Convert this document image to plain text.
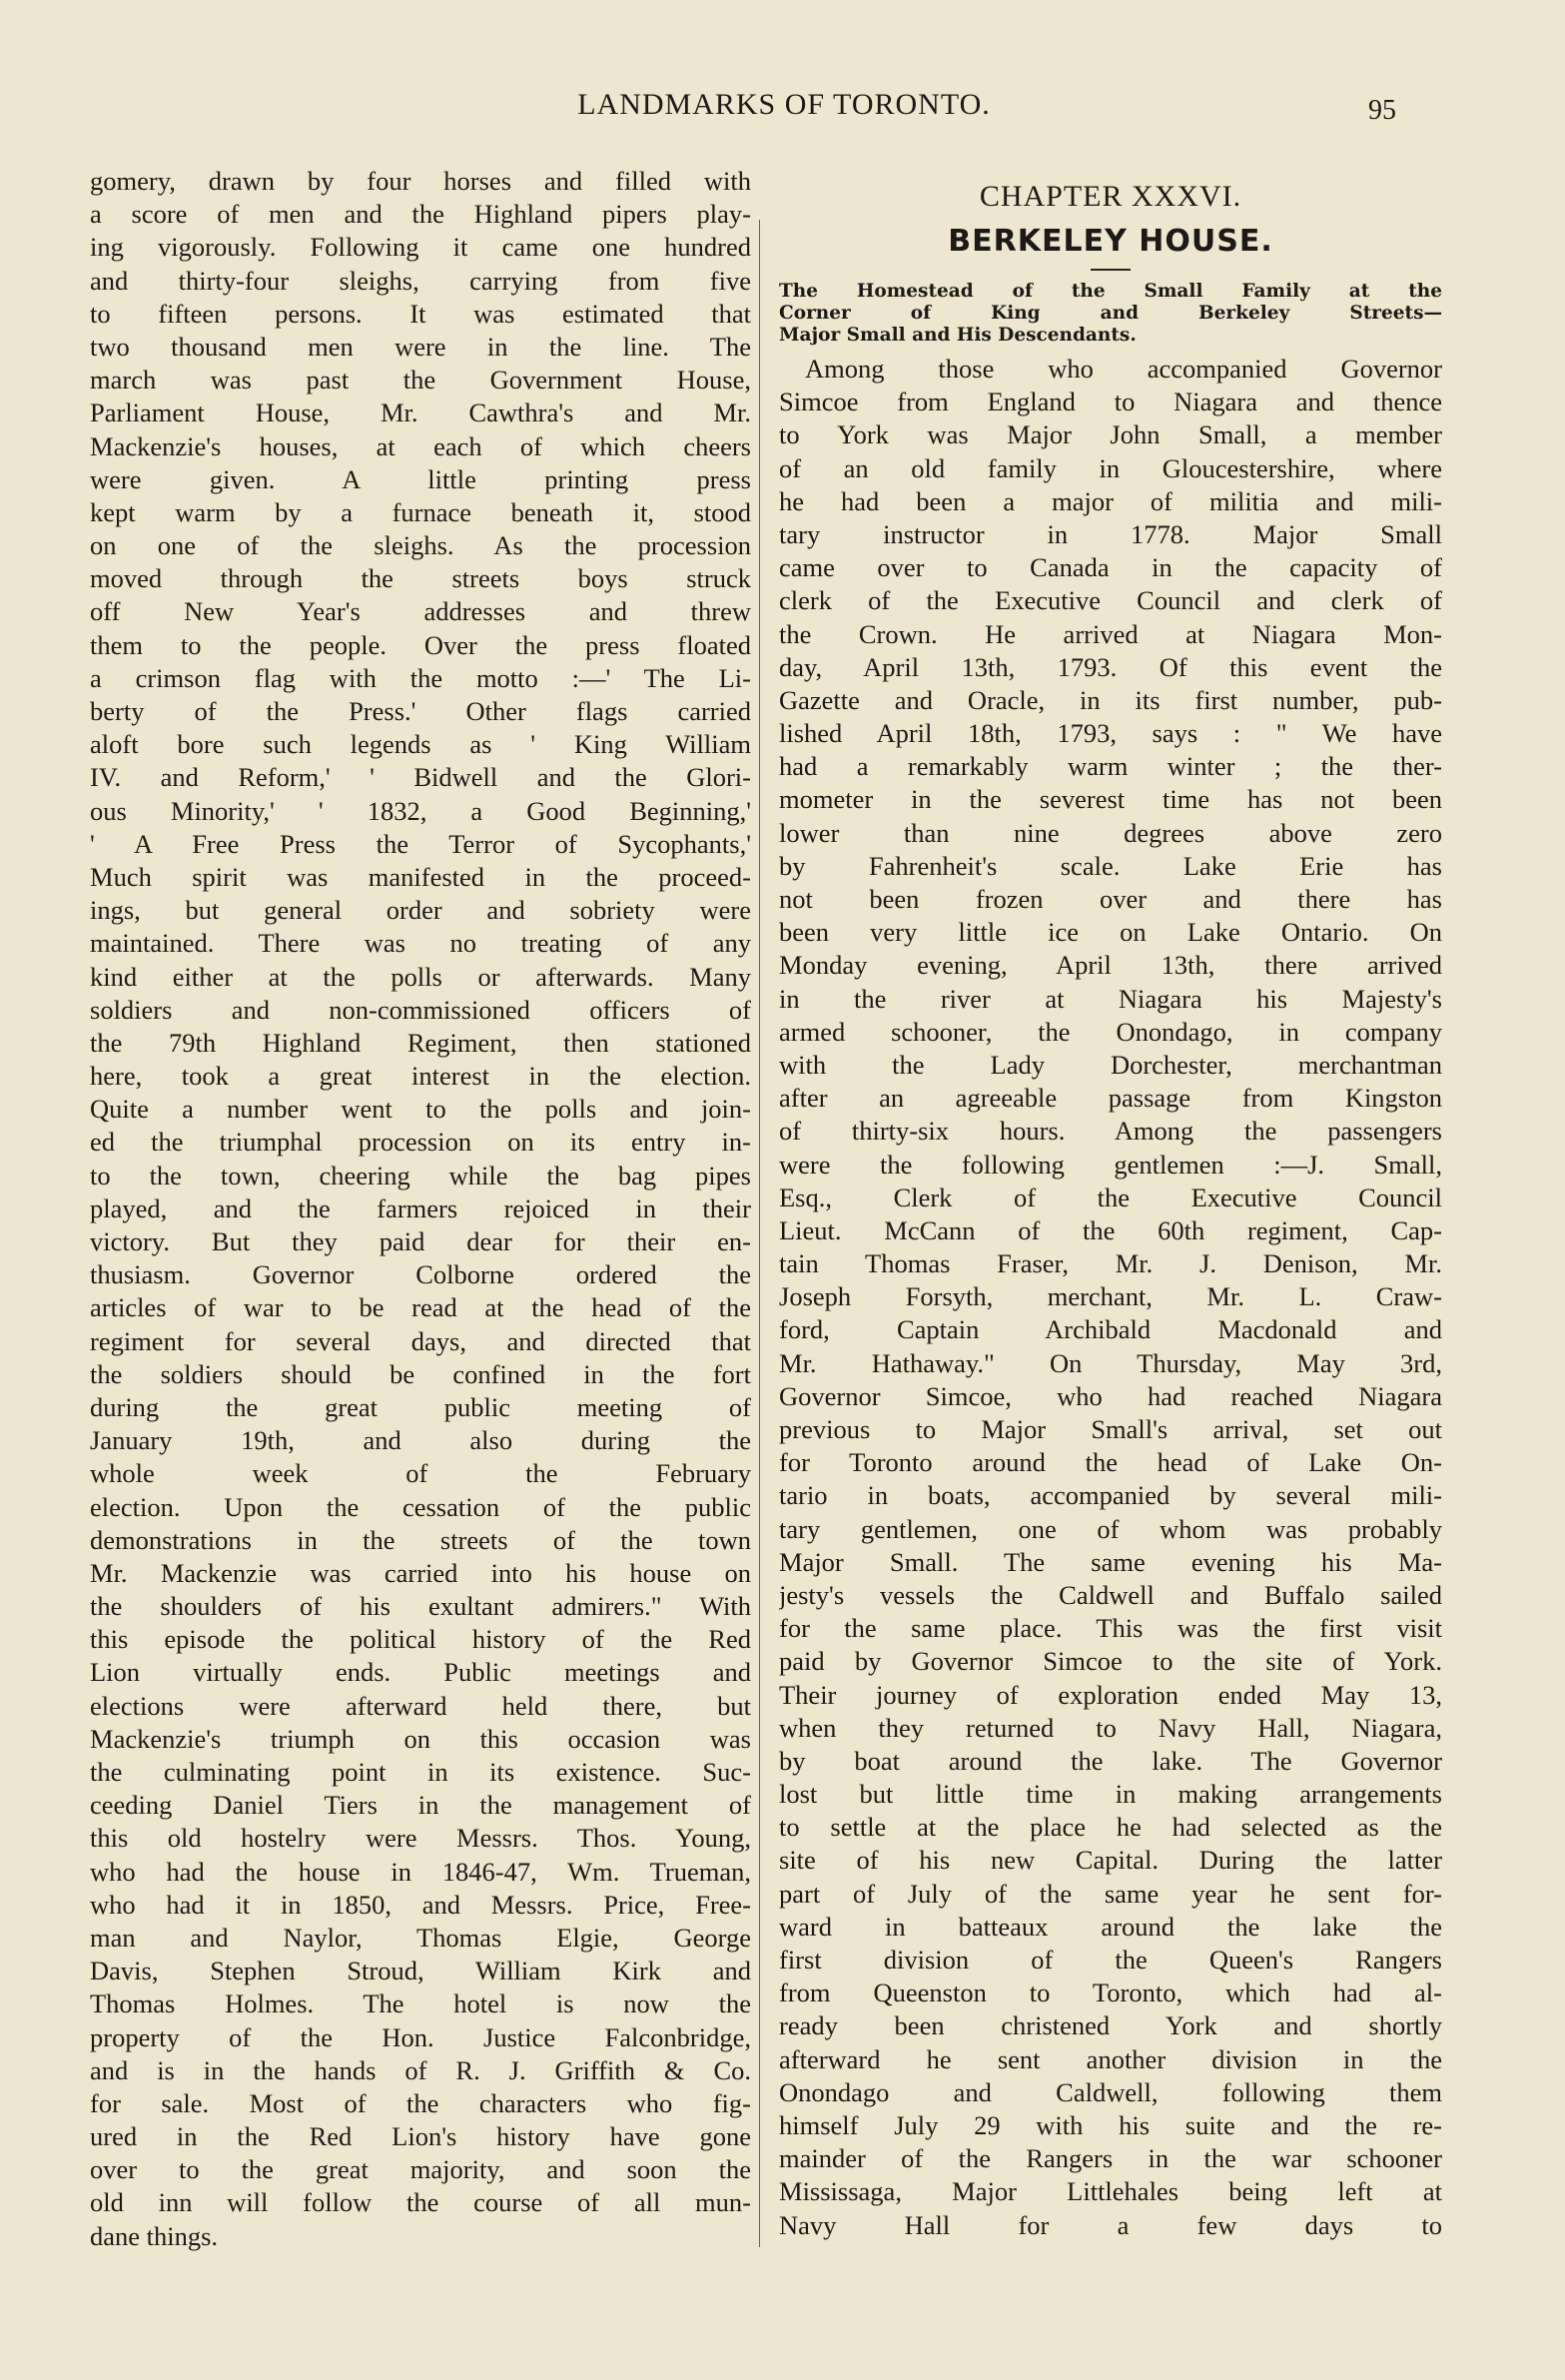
LANDMARKS OF TORONTO.	95
gomery, drawn by four horses and filled with
a score of men and the Highland pipers play-
ing vigorously. Following it came one hundred
and thirty-four sleighs, carrying from five
to fifteen persons. It was estimated that
two thousand men were in the line. The
march was past the Government House,
Parliament House, Mr. Cawthra's and Mr.
Mackenzie's houses, at each of which cheers
were given. A little printing press
kept warm by a furnace beneath it, stood
on one of the sleighs. As the procession
moved through the streets boys struck
off New Year's addresses and threw
them to the people. Over the press floated
a crimson flag with the motto :—' The Li-
berty of the Press.' Other flags carried
aloft bore such legends as ' King William
IV. and Reform,' ' Bidwell and the Glori-
ous Minority,' ' 1832, a Good Beginning,'
' A Free Press the Terror of Sycophants,'
Much spirit was manifested in the proceed-
ings, but general order and sobriety were
maintained. There was no treating of any
kind either at the polls or afterwards. Many
soldiers and non-commissioned officers of
the 79th Highland Regiment, then stationed
here, took a great interest in the election.
Quite a number went to the polls and join-
ed the triumphal procession on its entry in-
to the town, cheering while the bag pipes
played, and the farmers rejoiced in their
victory. But they paid dear for their en-
thusiasm. Governor Colborne ordered the
articles of war to be read at the head of the
regiment for several days, and directed that
the soldiers should be confined in the fort
during the great public meeting of
January 19th, and also during the
whole week of the February
election. Upon the cessation of the public
demonstrations in the streets of the town
Mr. Mackenzie was carried into his house on
the shoulders of his exultant admirers." With
this episode the political history of the Red
Lion virtually ends. Public meetings and
elections were afterward held there, but
Mackenzie's triumph on this occasion was
the culminating point in its existence. Suc-
ceeding Daniel Tiers in the management of
this old hostelry were Messrs. Thos. Young,
who had the house in 1846-47, Wm. Trueman,
who had it in 1850, and Messrs. Price, Free-
man and Naylor, Thomas Elgie, George
Davis, Stephen Stroud, William Kirk and
Thomas Holmes. The hotel is now the
property of the Hon. Justice Falconbridge,
and is in the hands of R. J. Griffith & Co.
for sale. Most of the characters who fig-
ured in the Red Lion's history have gone
over to the great majority, and soon the
old inn will follow the course of all mun-
dane things.
CHAPTER XXXVI.
BERKELEY HOUSE.
The Homestead of the Small Family at the
Corner of King and Berkeley Streets—
Major Small and His Descendants.
Among those who accompanied Governor
Simcoe from England to Niagara and thence
to York was Major John Small, a member
of an old family in Gloucestershire, where
he had been a major of militia and mili-
tary instructor in 1778. Major Small
came over to Canada in the capacity of
clerk of the Executive Council and clerk of
the Crown. He arrived at Niagara Mon-
day, April 13th, 1793. Of this event the
Gazette and Oracle, in its first number, pub-
lished April 18th, 1793, says : " We have
had a remarkably warm winter ; the ther-
mometer in the severest time has not been
lower than nine degrees above zero
by Fahrenheit's scale. Lake Erie has
not been frozen over and there has
been very little ice on Lake Ontario. On
Monday evening, April 13th, there arrived
in the river at Niagara his Majesty's
armed schooner, the Onondago, in company
with the Lady Dorchester, merchantman
after an agreeable passage from Kingston
of thirty-six hours. Among the passengers
were the following gentlemen :—J. Small,
Esq., Clerk of the Executive Council
Lieut. McCann of the 60th regiment, Cap-
tain Thomas Fraser, Mr. J. Denison, Mr.
Joseph Forsyth, merchant, Mr. L. Craw-
ford, Captain Archibald Macdonald and
Mr. Hathaway." On Thursday, May 3rd,
Governor Simcoe, who had reached Niagara
previous to Major Small's arrival, set out
for Toronto around the head of Lake On-
tario in boats, accompanied by several mili-
tary gentlemen, one of whom was probably
Major Small. The same evening his Ma-
jesty's vessels the Caldwell and Buffalo sailed
for the same place. This was the first visit
paid by Governor Simcoe to the site of York.
Their journey of exploration ended May 13,
when they returned to Navy Hall, Niagara,
by boat around the lake. The Governor
lost but little time in making arrangements
to settle at the place he had selected as the
site of his new Capital. During the latter
part of July of the same year he sent for-
ward in batteaux around the lake the
first division of the Queen's Rangers
from Queenston to Toronto, which had al-
ready been christened York and shortly
afterward he sent another division in the
Onondago and Caldwell, following them
himself July 29 with his suite and the re-
mainder of the Rangers in the war schooner
Mississaga, Major Littlehales being left at
Navy Hall for a few days to
